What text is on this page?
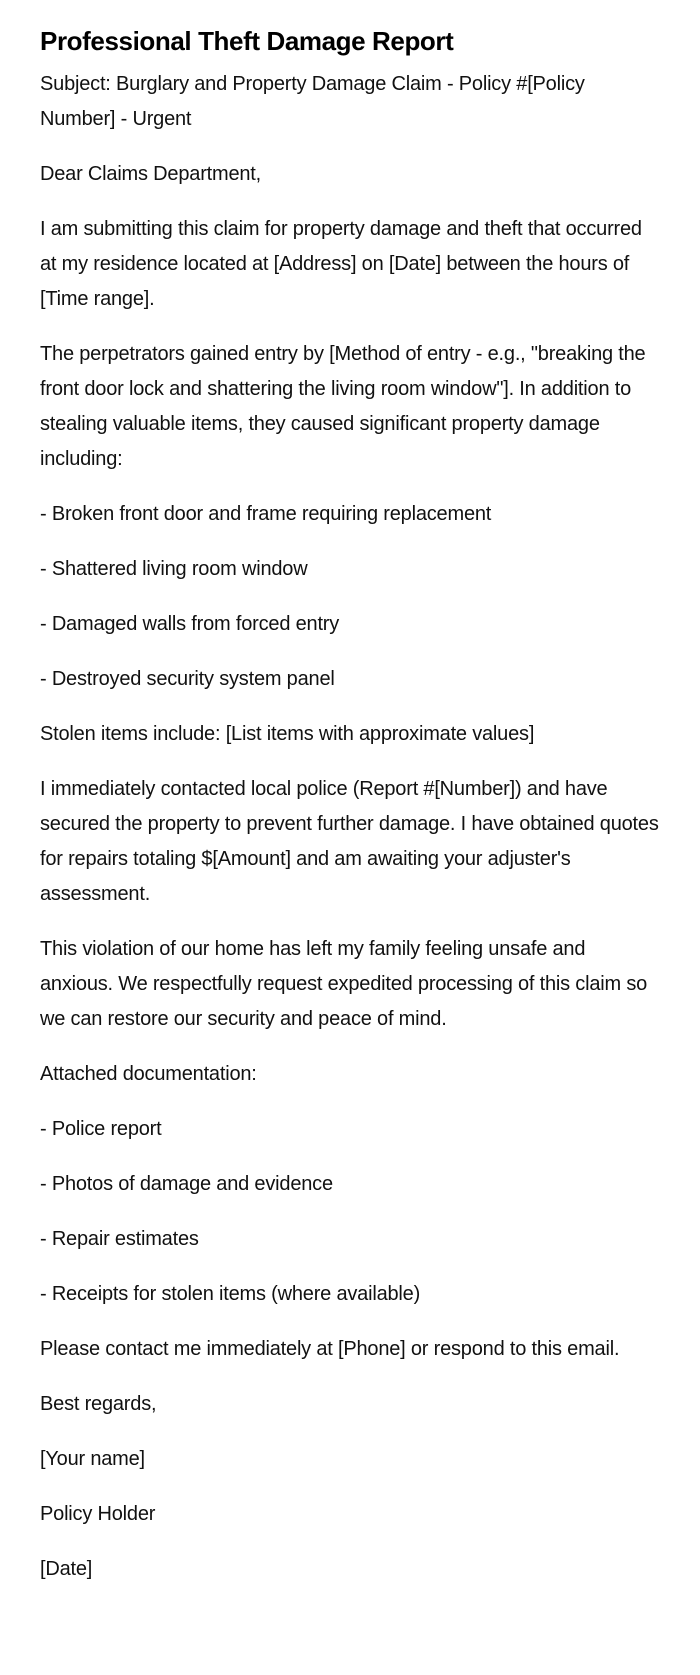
Professional Theft Damage Report

Subject: Burglary and Property Damage Claim - Policy #[Policy Number] - Urgent

Dear Claims Department,

I am submitting this claim for property damage and theft that occurred at my residence located at [Address] on [Date] between the hours of [Time range].

The perpetrators gained entry by [Method of entry - e.g., "breaking the front door lock and shattering the living room window"]. In addition to stealing valuable items, they caused significant property damage including:

- Broken front door and frame requiring replacement

- Shattered living room window

- Damaged walls from forced entry

- Destroyed security system panel

Stolen items include: [List items with approximate values]

I immediately contacted local police (Report #[Number]) and have secured the property to prevent further damage. I have obtained quotes for repairs totaling $[Amount] and am awaiting your adjuster's assessment.

This violation of our home has left my family feeling unsafe and anxious. We respectfully request expedited processing of this claim so we can restore our security and peace of mind.

Attached documentation:

- Police report

- Photos of damage and evidence

- Repair estimates

- Receipts for stolen items (where available)

Please contact me immediately at [Phone] or respond to this email.

Best regards,

[Your name]

Policy Holder

[Date]
